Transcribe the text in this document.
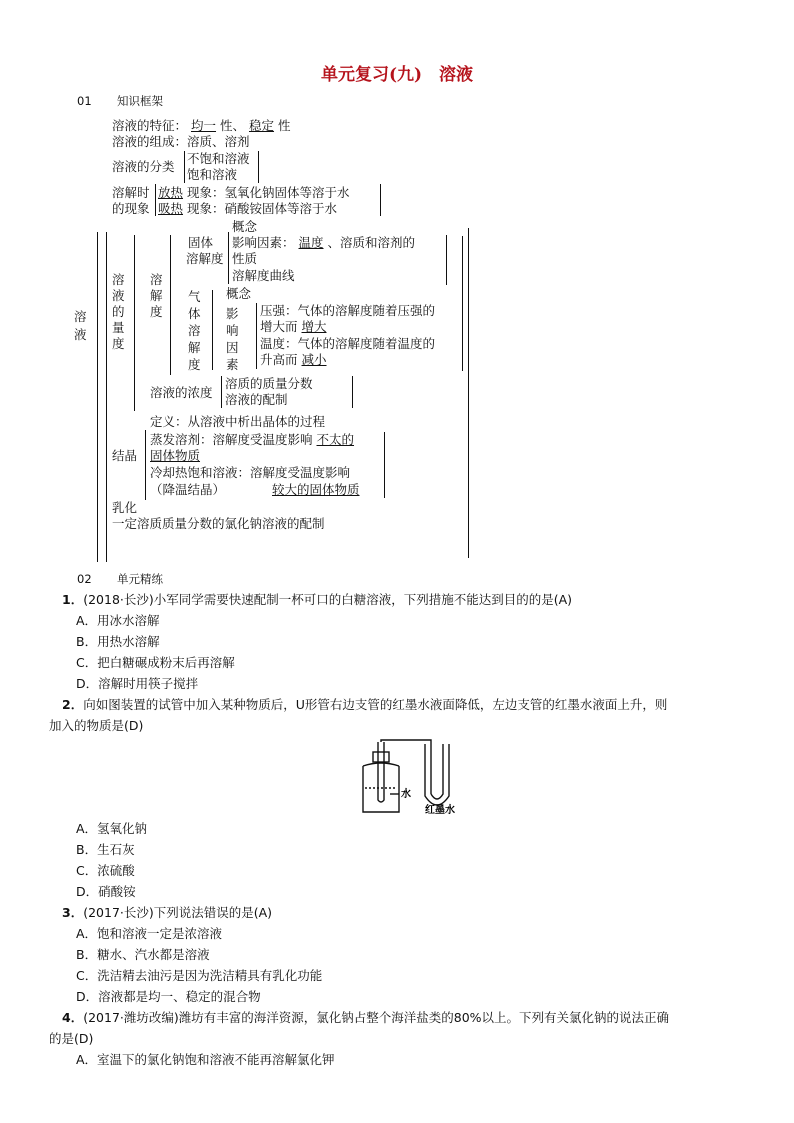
单元复习(九)　溶液
01 知识框架
溶液
溶液的特征： 均一 性、 稳定 性
溶液的组成：溶质、溶剂
溶液的分类
不饱和溶液
饱和溶液
溶解时
的现象
放热 现象：氢氧化钠固体等溶于水
吸热 现象：硝酸铵固体等溶于水
溶液的量度
溶解度
固体
溶解度
概念
影响因素： 温度 、溶质和溶剂的
性质
溶解度曲线
气体溶解度
概念
影响因素
压强：气体的溶解度随着压强的
增大而 增大
温度：气体的溶解度随着温度的
升高而 减小
溶液的浓度
溶质的质量分数
溶液的配制
定义：从溶液中析出晶体的过程
结晶
蒸发溶剂：溶解度受温度影响 不太的
固体物质
冷却热饱和溶液：溶解度受温度影响
（降温结晶）	较大的固体物质
乳化
一定溶质质量分数的氯化钠溶液的配制
02 单元精练
1．(2018·长沙)小军同学需要快速配制一杯可口的白糖溶液，下列措施不能达到目的的是(A)
A．用冰水溶解
B．用热水溶解
C．把白糖碾成粉末后再溶解
D．溶解时用筷子搅拌
2．向如图装置的试管中加入某种物质后，U形管右边支管的红墨水液面降低，左边支管的红墨水液面上升，则
加入的物质是(D)
水
红墨水
A．氢氧化钠
B．生石灰
C．浓硫酸
D．硝酸铵
3．(2017·长沙)下列说法错误的是(A)
A．饱和溶液一定是浓溶液
B．糖水、汽水都是溶液
C．洗洁精去油污是因为洗洁精具有乳化功能
D．溶液都是均一、稳定的混合物
4．(2017·潍坊改编)潍坊有丰富的海洋资源，氯化钠占整个海洋盐类的80%以上。下列有关氯化钠的说法正确
的是(D)
A．室温下的氯化钠饱和溶液不能再溶解氯化钾
